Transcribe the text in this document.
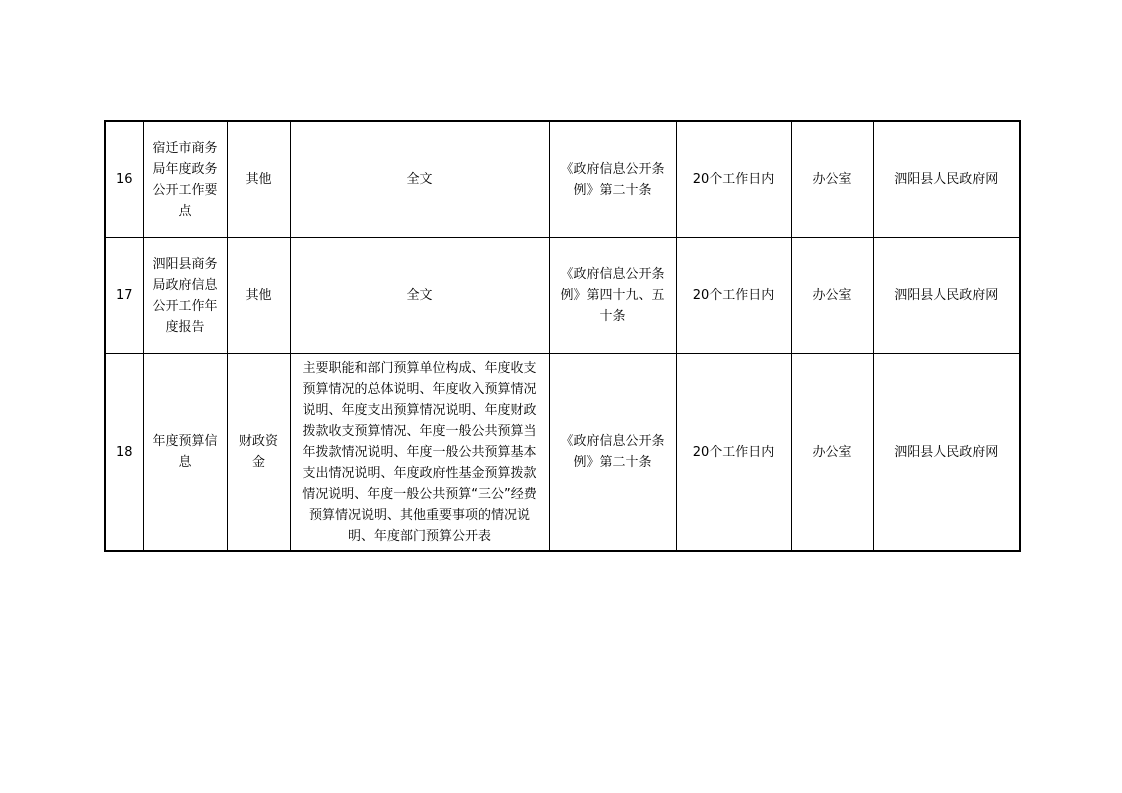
16	宿迁市商务局年度政务公开工作要点	其他	全文	《政府信息公开条例》第二十条	20个工作日内	办公室	泗阳县人民政府网
17	泗阳县商务局政府信息公开工作年度报告	其他	全文	《政府信息公开条例》第四十九、五十条	20个工作日内	办公室	泗阳县人民政府网
18	年度预算信息	财政资金	主要职能和部门预算单位构成、年度收支预算情况的总体说明、年度收入预算情况说明、年度支出预算情况说明、年度财政拨款收支预算情况、年度一般公共预算当年拨款情况说明、年度一般公共预算基本支出情况说明、年度政府性基金预算拨款情况说明、年度一般公共预算“三公”经费预算情况说明、其他重要事项的情况说明、年度部门预算公开表	《政府信息公开条例》第二十条	20个工作日内	办公室	泗阳县人民政府网
